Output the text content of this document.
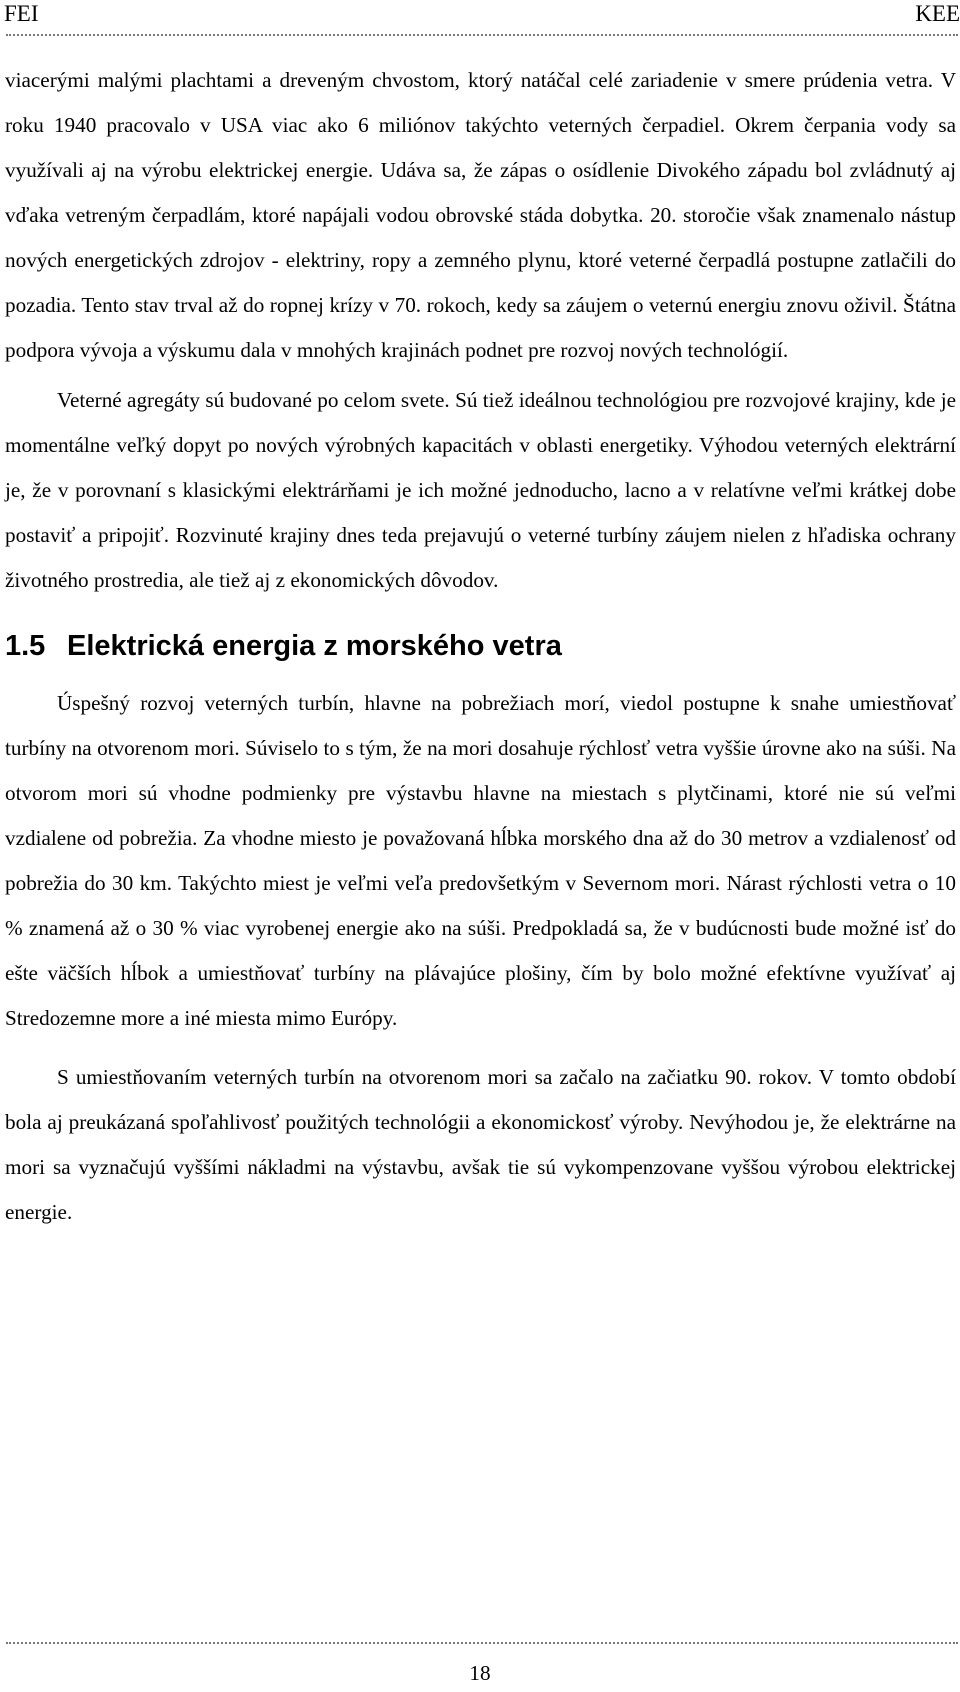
FEI	KEE

viacerými malými plachtami a dreveným chvostom, ktorý natáčal celé zariadenie v smere prúdenia vetra. V roku 1940 pracovalo v USA viac ako 6 miliónov takýchto veterných čerpadiel. Okrem čerpania vody sa využívali aj na výrobu elektrickej energie. Udáva sa, že zápas o osídlenie Divokého západu bol zvládnutý aj vďaka vetreným čerpadlám, ktoré napájali vodou obrovské stáda dobytka. 20. storočie však znamenalo nástup nových energetických zdrojov - elektriny, ropy a zemného plynu, ktoré veterné čerpadlá postupne zatlačili do pozadia. Tento stav trval až do ropnej krízy v 70. rokoch, kedy sa záujem o veternú energiu znovu oživil. Štátna podpora vývoja a výskumu dala v mnohých krajinách podnet pre rozvoj nových technológií.

Veterné agregáty sú budované po celom svete. Sú tiež ideálnou technológiou pre rozvojové krajiny, kde je momentálne veľký dopyt po nových výrobných kapacitách v oblasti energetiky. Výhodou veterných elektrární je, že v porovnaní s klasickými elektrárňami je ich možné jednoducho, lacno a v relatívne veľmi krátkej dobe postaviť a pripojiť. Rozvinuté krajiny dnes teda prejavujú o veterné turbíny záujem nielen z hľadiska ochrany životného prostredia, ale tiež aj z ekonomických dôvodov.

1.5 Elektrická energia z morského vetra

Úspešný rozvoj veterných turbín, hlavne na pobrežiach morí, viedol postupne k snahe umiestňovať turbíny na otvorenom mori. Súviselo to s tým, že na mori dosahuje rýchlosť vetra vyššie úrovne ako na súši. Na otvorom mori sú vhodne podmienky pre výstavbu hlavne na miestach s plytčinami, ktoré nie sú veľmi vzdialene od pobrežia. Za vhodne miesto je považovaná hĺbka morského dna až do 30 metrov a vzdialenosť od pobrežia do 30 km. Takýchto miest je veľmi veľa predovšetkým v Severnom mori. Nárast rýchlosti vetra o 10 % znamená až o 30 % viac vyrobenej energie ako na súši. Predpokladá sa, že v budúcnosti bude možné isť do ešte väčších hĺbok a umiestňovať turbíny na plávajúce plošiny, čím by bolo možné efektívne využívať aj Stredozemne more a iné miesta mimo Európy.

S umiestňovaním veterných turbín na otvorenom mori sa začalo na začiatku 90. rokov. V tomto období bola aj preukázaná spoľahlivosť použitých technológii a ekonomickosť výroby. Nevýhodou je, že elektrárne na mori sa vyznačujú vyššími nákladmi na výstavbu, avšak tie sú vykompenzovane vyššou výrobou elektrickej energie.

18
